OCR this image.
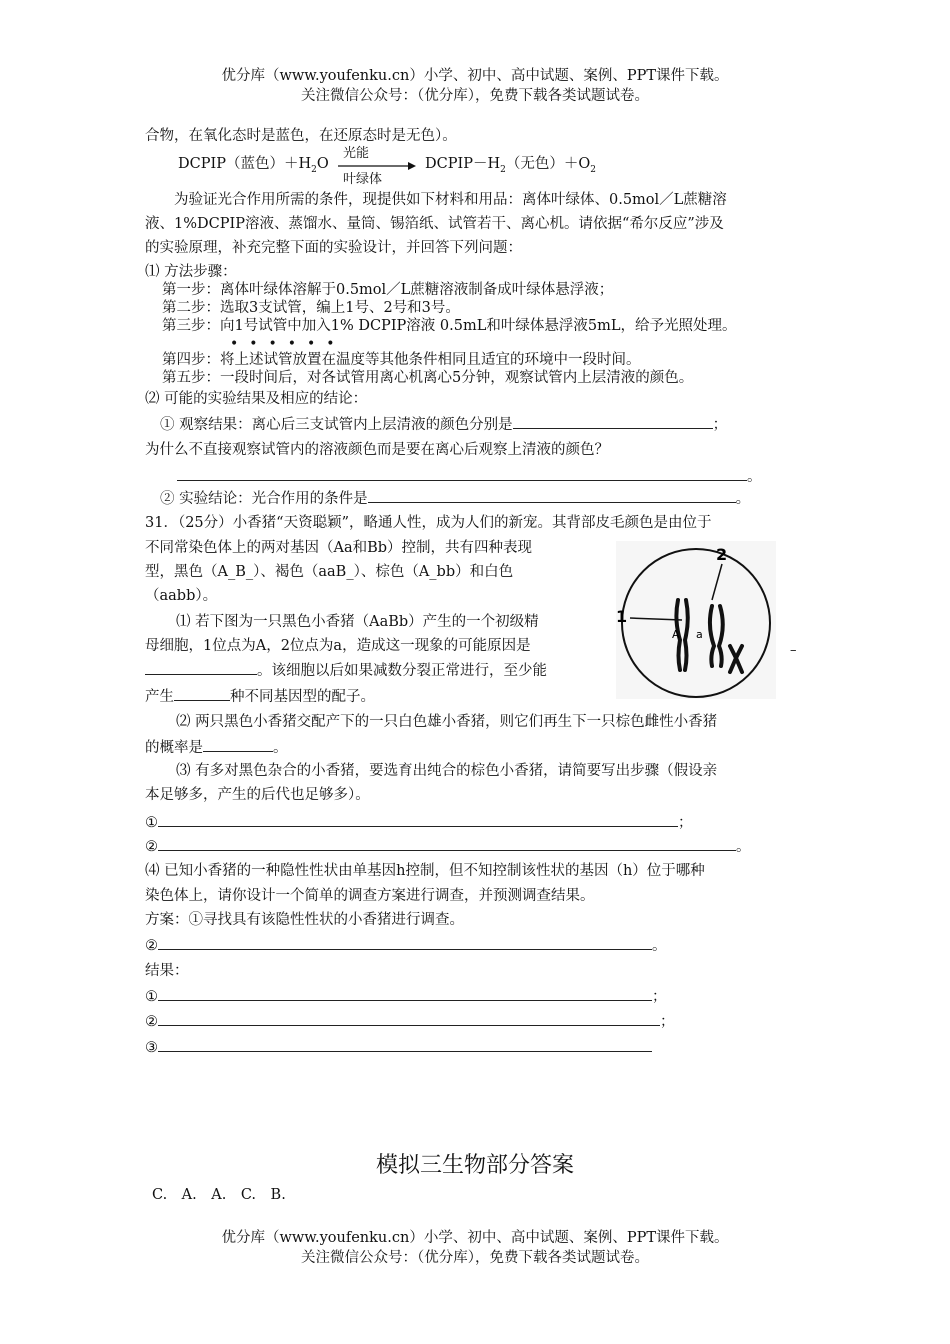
优分库（www.youfenku.cn）小学、初中、高中试题、案例、PPT课件下载。
关注微信公众号：（优分库），免费下载各类试题试卷。
合物，在氧化态时是蓝色，在还原态时是无色）。
DCPIP（蓝色）$+H_2O$
光能
叶绿体
$DCPIP-H_2$（无色）$+O_2$
为验证光合作用所需的条件，现提供如下材料和用品：离体叶绿体、0.5mol／L蔗糖溶
液、1%DCPIP溶液、蒸馏水、量筒、锡箔纸、试管若干、离心机。请依据“希尔反应”涉及
的实验原理，补充完整下面的实验设计，并回答下列问题：
⑴ 方法步骤：
第一步：离体叶绿体溶解于0.5mol／L蔗糖溶液制备成叶绿体悬浮液；
第二步：选取3支试管，编上1号、2号和3号。
第三步：向1号试管中加入1% DCPIP溶液 0.5mL和叶绿体悬浮液5mL，给予光照处理。
••••••
第四步：将上述试管放置在温度等其他条件相同且适宜的环境中一段时间。
第五步：一段时间后，对各试管用离心机离心5分钟，观察试管内上层清液的颜色。
⑵ 可能的实验结果及相应的结论：
① 观察结果：离心后三支试管内上层清液的颜色分别是	；
为什么不直接观察试管内的溶液颜色而是要在离心后观察上清液的颜色？
。
② 实验结论：光合作用的条件是	。
31．（25分）小香猪“天资聪颖”，略通人性，成为人们的新宠。其背部皮毛颜色是由位于
不同常染色体上的两对基因（Aa和Bb）控制，共有四种表现
型，黑色（A_B_）、褐色（aaB_）、棕色（A_bb）和白色
（aabb）。
⑴ 若下图为一只黑色小香猪（AaBb）产生的一个初级精
母细胞，1位点为A，2位点为a，造成这一现象的可能原因是
。该细胞以后如果减数分裂正常进行，至少能
产生	种不同基因型的配子。
2
1
A a
–
⑵ 两只黑色小香猪交配产下的一只白色雄小香猪，则它们再生下一只棕色雌性小香猪
的概率是	。
⑶ 有多对黑色杂合的小香猪，要选育出纯合的棕色小香猪，请简要写出步骤（假设亲
本足够多，产生的后代也足够多）。
①	；
②	。
⑷ 已知小香猪的一种隐性性状由单基因h控制，但不知控制该性状的基因（h）位于哪种
染色体上，请你设计一个简单的调查方案进行调查，并预测调查结果。
方案：①寻找具有该隐性性状的小香猪进行调查。
②	。
结果：
①	；
②	；
③
模拟三生物部分答案
C.　A.　A.　C.　B.
优分库（www.youfenku.cn）小学、初中、高中试题、案例、PPT课件下载。
关注微信公众号：（优分库），免费下载各类试题试卷。
